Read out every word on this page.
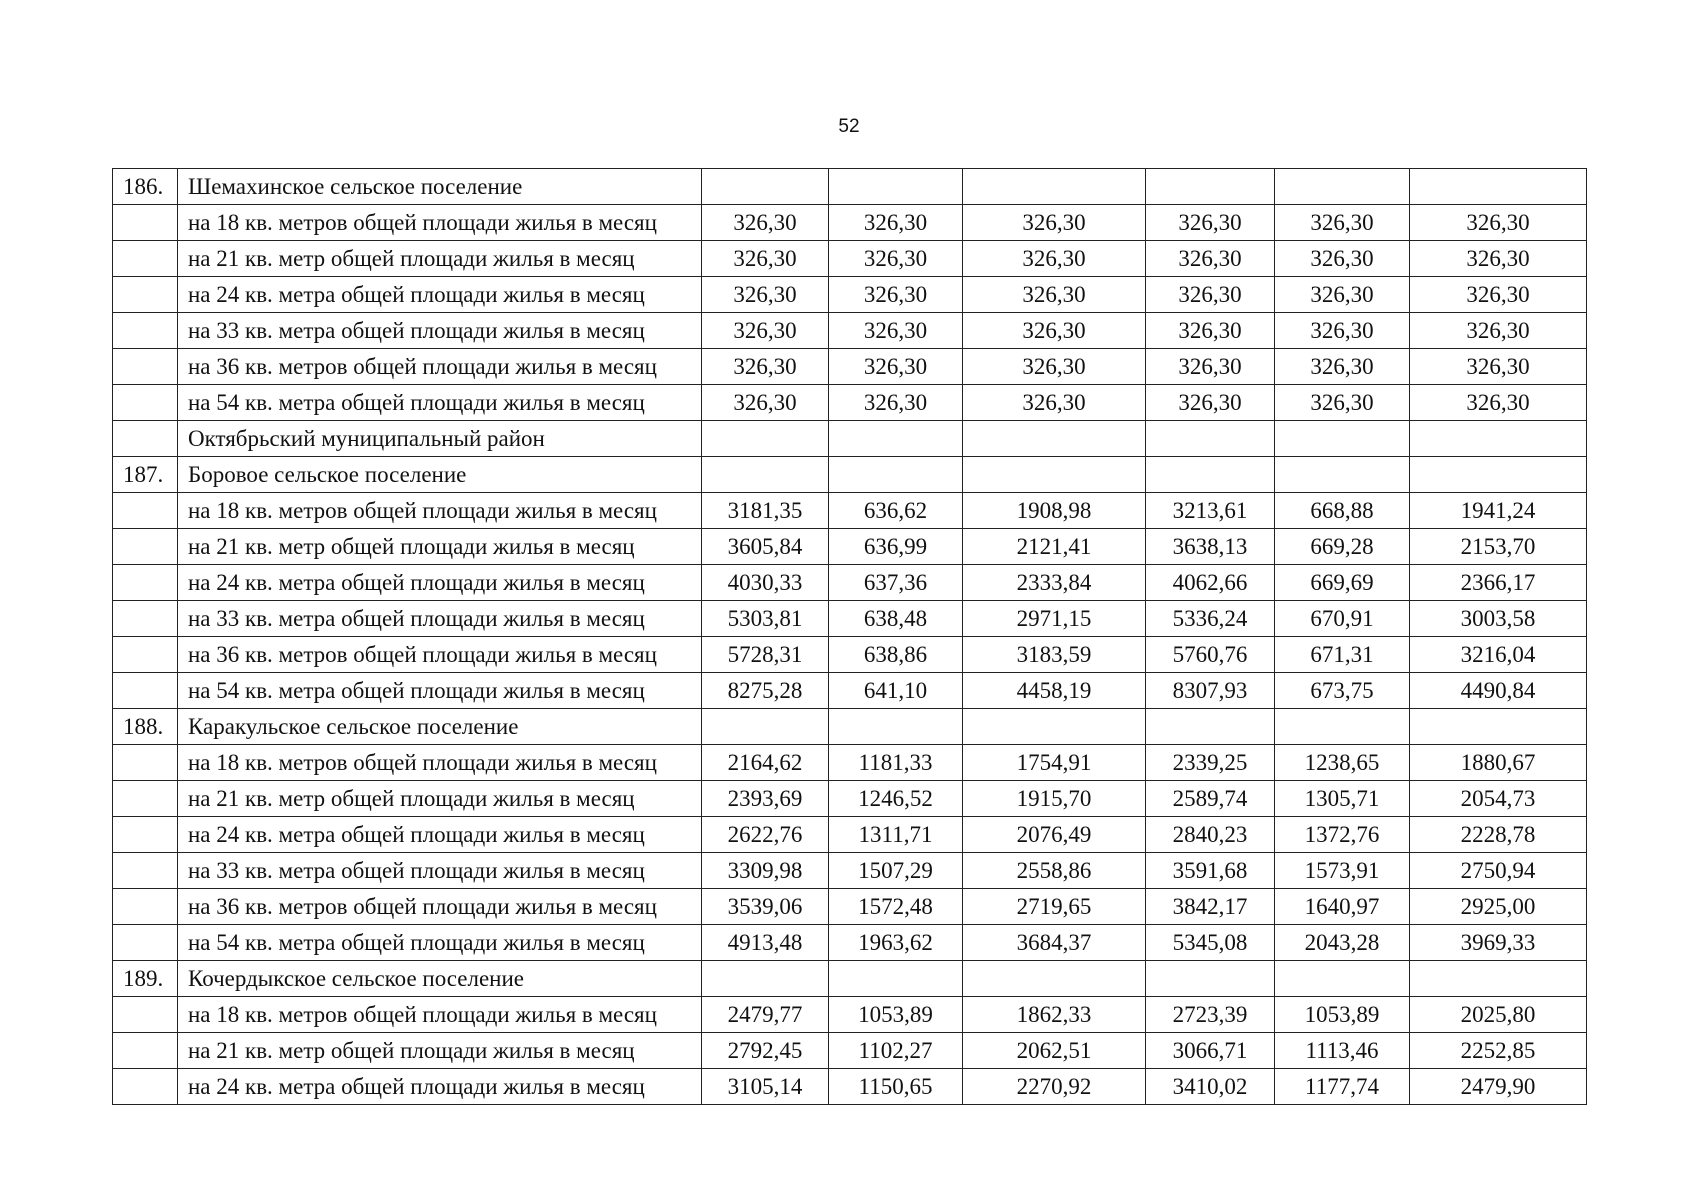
52
186.	Шемахинское сельское поселение						
	на 18 кв. метров общей площади жилья в месяц	326,30	326,30	326,30	326,30	326,30	326,30
	на 21 кв. метр общей площади жилья в месяц	326,30	326,30	326,30	326,30	326,30	326,30
	на 24 кв. метра общей площади жилья в месяц	326,30	326,30	326,30	326,30	326,30	326,30
	на 33 кв. метра общей площади жилья в месяц	326,30	326,30	326,30	326,30	326,30	326,30
	на 36 кв. метров общей площади жилья в месяц	326,30	326,30	326,30	326,30	326,30	326,30
	на 54 кв. метра общей площади жилья в месяц	326,30	326,30	326,30	326,30	326,30	326,30
	Октябрьский муниципальный район						
187.	Боровое сельское поселение						
	на 18 кв. метров общей площади жилья в месяц	3181,35	636,62	1908,98	3213,61	668,88	1941,24
	на 21 кв. метр общей площади жилья в месяц	3605,84	636,99	2121,41	3638,13	669,28	2153,70
	на 24 кв. метра общей площади жилья в месяц	4030,33	637,36	2333,84	4062,66	669,69	2366,17
	на 33 кв. метра общей площади жилья в месяц	5303,81	638,48	2971,15	5336,24	670,91	3003,58
	на 36 кв. метров общей площади жилья в месяц	5728,31	638,86	3183,59	5760,76	671,31	3216,04
	на 54 кв. метра общей площади жилья в месяц	8275,28	641,10	4458,19	8307,93	673,75	4490,84
188.	Каракульское сельское поселение						
	на 18 кв. метров общей площади жилья в месяц	2164,62	1181,33	1754,91	2339,25	1238,65	1880,67
	на 21 кв. метр общей площади жилья в месяц	2393,69	1246,52	1915,70	2589,74	1305,71	2054,73
	на 24 кв. метра общей площади жилья в месяц	2622,76	1311,71	2076,49	2840,23	1372,76	2228,78
	на 33 кв. метра общей площади жилья в месяц	3309,98	1507,29	2558,86	3591,68	1573,91	2750,94
	на 36 кв. метров общей площади жилья в месяц	3539,06	1572,48	2719,65	3842,17	1640,97	2925,00
	на 54 кв. метра общей площади жилья в месяц	4913,48	1963,62	3684,37	5345,08	2043,28	3969,33
189.	Кочердыкское сельское поселение						
	на 18 кв. метров общей площади жилья в месяц	2479,77	1053,89	1862,33	2723,39	1053,89	2025,80
	на 21 кв. метр общей площади жилья в месяц	2792,45	1102,27	2062,51	3066,71	1113,46	2252,85
	на 24 кв. метра общей площади жилья в месяц	3105,14	1150,65	2270,92	3410,02	1177,74	2479,90
